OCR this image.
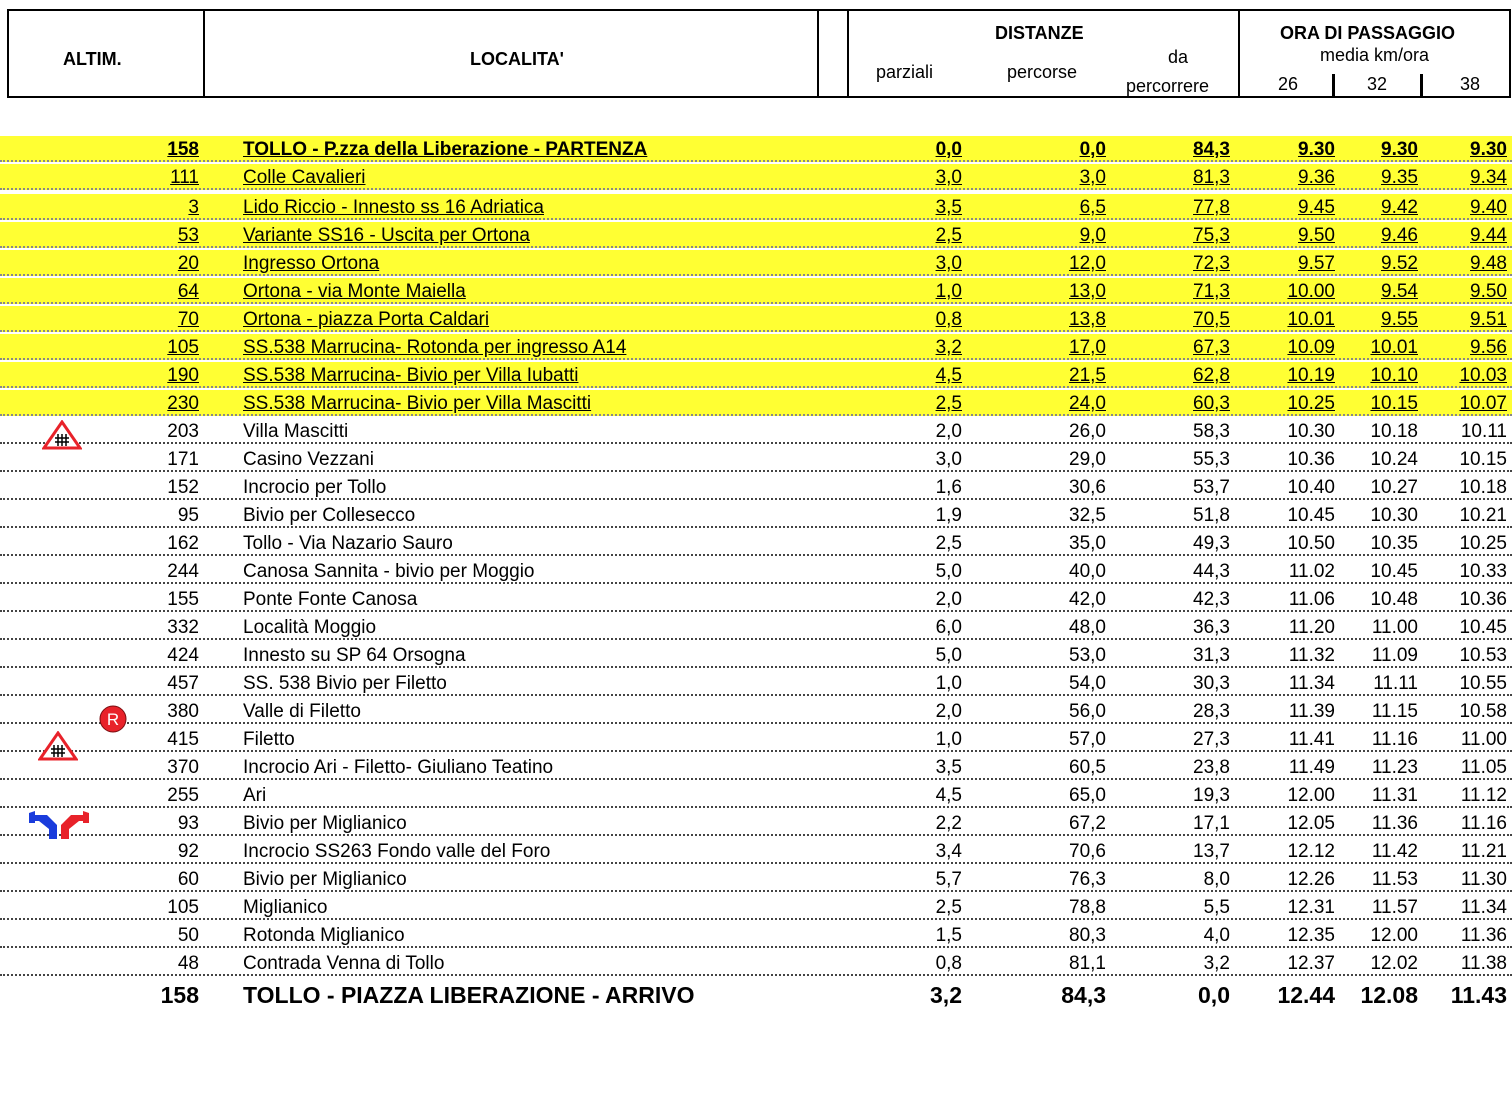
ALTIM.	LOCALITA'
DISTANZE
parziali	percorse
da
percorrere
ORA DI PASSAGGIO
media km/ora
26	32	38
158 TOLLO - P.zza della Liberazione - PARTENZA	0,0	0,0	84,3	9.30 9.30	9.30
111 Colle Cavalieri	3,0	3,0	81,3	9.36 9.35	9.34
3 Lido Riccio - Innesto ss 16 Adriatica	3,5	6,5	77,8	9.45 9.42	9.40
53 Variante SS16 - Uscita per Ortona	2,5	9,0	75,3	9.50 9.46	9.44
20 Ingresso Ortona	3,0	12,0	72,3	9.57 9.52	9.48
64 Ortona - via Monte Maiella	1,0	13,0	71,3	10.00 9.54	9.50
70 Ortona - piazza Porta Caldari	0,8	13,8	70,5	10.01 9.55	9.51
105 SS.538 Marrucina- Rotonda per ingresso A14	3,2	17,0	67,3	10.09 10.01	9.56
190 SS.538 Marrucina- Bivio per Villa Iubatti	4,5	21,5	62,8	10.19 10.10 10.03
230 SS.538 Marrucina- Bivio per Villa Mascitti	2,5	24,0	60,3	10.25 10.15 10.07
203 Villa Mascitti	2,0	26,0	58,3	10.30 10.18 10.11
171 Casino Vezzani	3,0	29,0	55,3	10.36 10.24 10.15
152 Incrocio per Tollo	1,6	30,6	53,7	10.40 10.27 10.18
95 Bivio per Collesecco	1,9	32,5	51,8	10.45 10.30 10.21
162 Tollo - Via Nazario Sauro	2,5	35,0	49,3	10.50 10.35 10.25
244 Canosa Sannita - bivio per Moggio	5,0	40,0	44,3	11.02 10.45 10.33
155 Ponte Fonte Canosa	2,0	42,0	42,3	11.06 10.48 10.36
332 Località Moggio	6,0	48,0	36,3	11.20 11.00 10.45
424 Innesto su SP 64 Orsogna	5,0	53,0	31,3	11.32 11.09 10.53
457 SS. 538 Bivio per Filetto	1,0	54,0	30,3	11.34 11.11 10.55
380 Valle di Filetto	2,0	56,0	28,3	11.39 11.15 10.58
415 Filetto	1,0	57,0	27,3	11.41 11.16 11.00
370 Incrocio Ari - Filetto- Giuliano Teatino	3,5	60,5	23,8	11.49 11.23 11.05
255 Ari	4,5	65,0	19,3	12.00 11.31 11.12
93 Bivio per Miglianico	2,2	67,2	17,1	12.05 11.36 11.16
92 Incrocio SS263 Fondo valle del Foro	3,4	70,6	13,7	12.12 11.42 11.21
60 Bivio per Miglianico	5,7	76,3	8,0	12.26 11.53 11.30
105 Miglianico	2,5	78,8	5,5	12.31 11.57 11.34
50 Rotonda Miglianico	1,5	80,3	4,0	12.35 12.00 11.36
48 Contrada Venna di Tollo	0,8	81,1	3,2	12.37 12.02 11.38
158 TOLLO - PIAZZA LIBERAZIONE - ARRIVO	3,2	84,3	0,0 12.44 12.08 11.43
R
